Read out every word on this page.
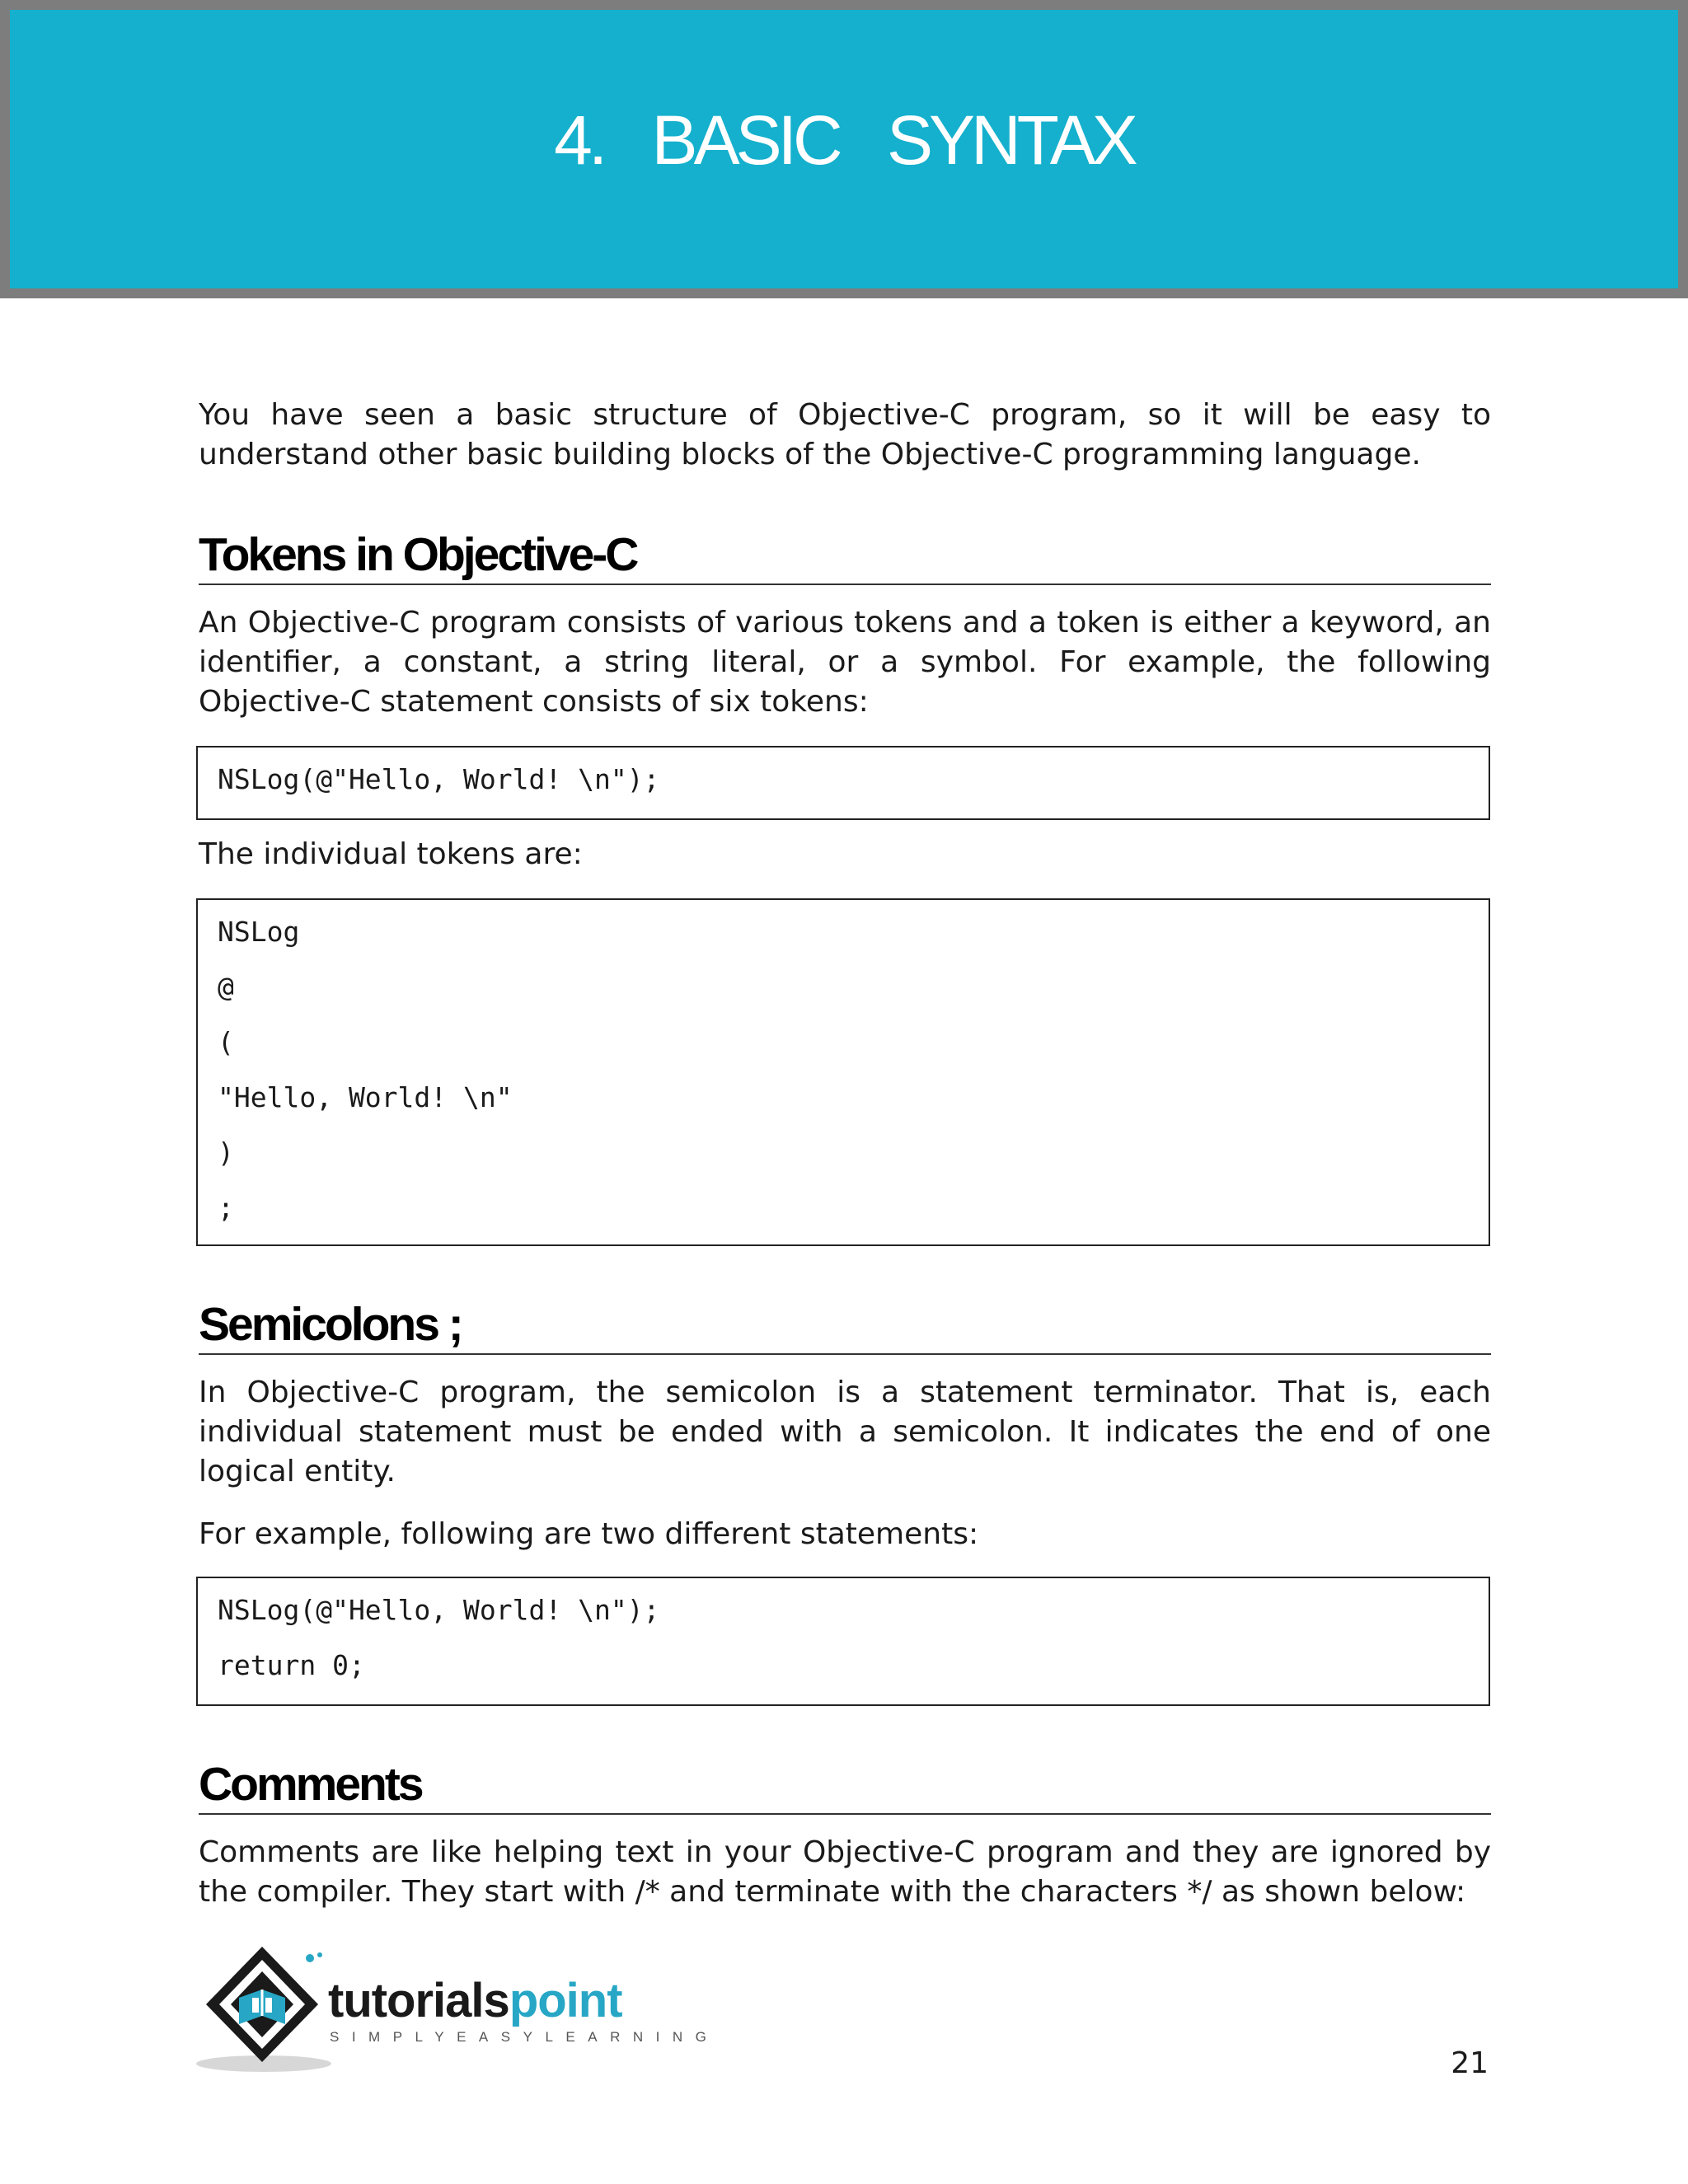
4. BASIC SYNTAX

You have seen a basic structure of Objective-C program, so it will be easy to understand other basic building blocks of the Objective-C programming language.

Tokens in Objective-C

An Objective-C program consists of various tokens and a token is either a keyword, an identifier, a constant, a string literal, or a symbol. For example, the following Objective-C statement consists of six tokens:

NSLog(@"Hello, World! \n");

The individual tokens are:

NSLog
@
(
"Hello, World! \n"
)
;
Semicolons ;

In Objective-C program, the semicolon is a statement terminator. That is, each individual statement must be ended with a semicolon. It indicates the end of one logical entity.

For example, following are two different statements:

NSLog(@"Hello, World! \n");
return 0;
Comments

Comments are like helping text in your Objective-C program and they are ignored by the compiler. They start with /* and terminate with the characters */ as shown below:

tutorialspoint
SIMPLYEASYLEARNING
21
